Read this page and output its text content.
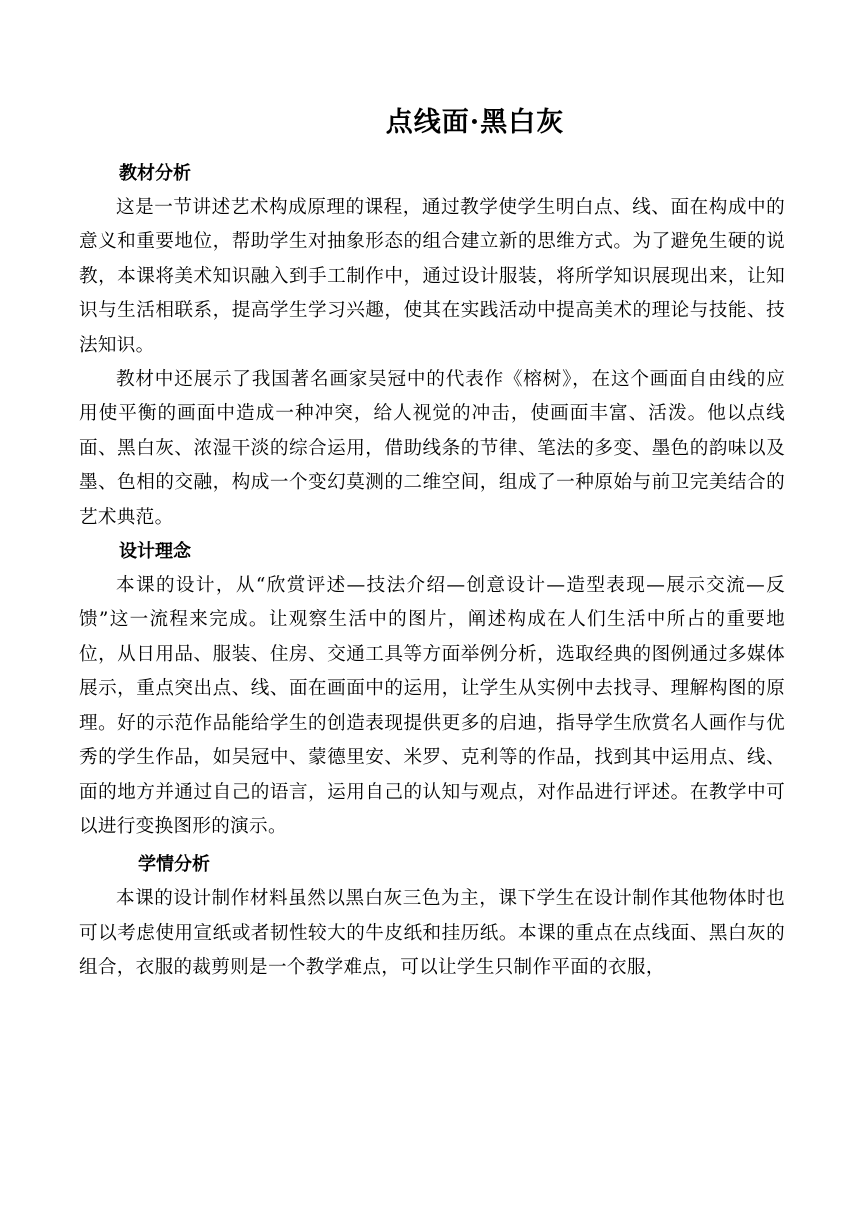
点线面·黑白灰
教材分析

这是一节讲述艺术构成原理的课程，通过教学使学生明白点、线、面在构成中的意义和重要地位，帮助学生对抽象形态的组合建立新的思维方式。为了避免生硬的说教，本课将美术知识融入到手工制作中，通过设计服装，将所学知识展现出来，让知识与生活相联系，提高学生学习兴趣，使其在实践活动中提高美术的理论与技能、技法知识。

教材中还展示了我国著名画家吴冠中的代表作《榕树》，在这个画面自由线的应用使平衡的画面中造成一种冲突，给人视觉的冲击，使画面丰富、活泼。他以点线面、黑白灰、浓湿干淡的综合运用，借助线条的节律、笔法的多变、墨色的韵味以及墨、色相的交融，构成一个变幻莫测的二维空间，组成了一种原始与前卫完美结合的艺术典范。

设计理念

本课的设计，从“欣赏评述—技法介绍—创意设计—造型表现—展示交流—反馈”这一流程来完成。让观察生活中的图片，阐述构成在人们生活中所占的重要地位，从日用品、服装、住房、交通工具等方面举例分析，选取经典的图例通过多媒体展示，重点突出点、线、面在画面中的运用，让学生从实例中去找寻、理解构图的原理。好的示范作品能给学生的创造表现提供更多的启迪，指导学生欣赏名人画作与优秀的学生作品，如吴冠中、蒙德里安、米罗、克利等的作品，找到其中运用点、线、面的地方并通过自己的语言，运用自己的认知与观点，对作品进行评述。在教学中可以进行变换图形的演示。

学情分析

本课的设计制作材料虽然以黑白灰三色为主，课下学生在设计制作其他物体时也可以考虑使用宣纸或者韧性较大的牛皮纸和挂历纸。本课的重点在点线面、黑白灰的组合，衣服的裁剪则是一个教学难点，可以让学生只制作平面的衣服，
